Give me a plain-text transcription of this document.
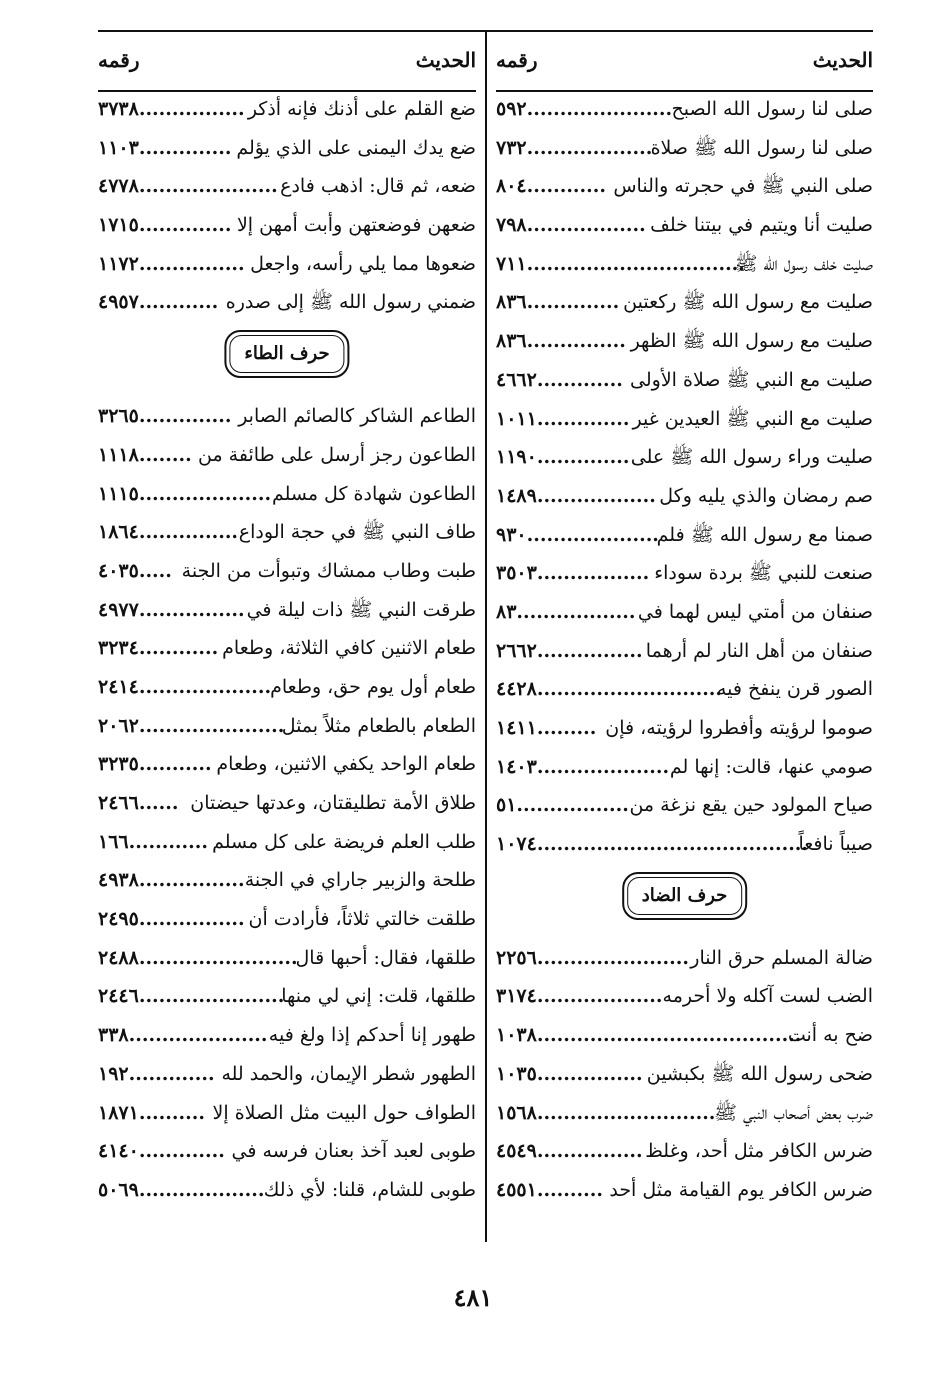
الحديث
رقمه
صلى لنا رسول الله الصبح
٥٩٢......................
صلى لنا رسول الله ﷺ صلاة
٧٣٢...................
صلى النبي ﷺ في حجرته والناس
٨٠٤............
صليت أنا ويتيم في بيتنا خلف
٧٩٨..................
صليت خلف رسول الله ﷺ
٧١١.................................
صليت مع رسول الله ﷺ ركعتين
٨٣٦..............
صليت مع رسول الله ﷺ الظهر
٨٣٦...............
صليت مع النبي ﷺ صلاة الأولى
٤٦٦٢.............
صليت مع النبي ﷺ العيدين غير
١٠١١..............
صليت وراء رسول الله ﷺ على
١١٩٠..............
صم رمضان والذي يليه وكل
١٤٨٩..................
صمنا مع رسول الله ﷺ فلم
٩٣٠....................
صنعت للنبي ﷺ بردة سوداء
٣٥٠٣.................
صنفان من أمتي ليس لهما في
٨٣..................
صنفان من أهل النار لم أرهما
٢٦٦٢................
الصور قرن ينفخ فيه
٤٤٢٨............................
صوموا لرؤيته وأفطروا لرؤيته، فإن
١٤١١.........
صومي عنها، قالت: إنها لم
١٤٠٣....................
صياح المولود حين يقع نزغة من
٥١.................
صيباً نافعاً
١٠٧٤.........................................
حرف الضاد
ضالة المسلم حرق النار
٢٢٥٦.......................
الضب لست آكله ولا أحرمه
٣١٧٤...................
ضح به أنت
١٠٣٨........................................
ضحى رسول الله ﷺ بكبشين
١٠٣٥................
ضرب بعض أصحاب النبي ﷺ
١٥٦٨...........................
ضرس الكافر مثل أحد، وغلظ
٤٥٤٩................
ضرس الكافر يوم القيامة مثل أحد
٤٥٥١..........
الحديث
رقمه
ضع القلم على أذنك فإنه أذكر
٣٧٣٨................
ضع يدك اليمنى على الذي يؤلم
١١٠٣..............
ضعه، ثم قال: اذهب فادع
٤٧٧٨.....................
ضعهن فوضعتهن وأبت أمهن إلا
١٧١٥..............
ضعوها مما يلي رأسه، واجعل
١١٧٢................
ضمني رسول الله ﷺ إلى صدره
٤٩٥٧............
حرف الطاء
الطاعم الشاكر كالصائم الصابر
٣٢٦٥..............
الطاعون رجز أرسل على طائفة من
١١١٨........
الطاعون شهادة كل مسلم
١١١٥....................
طاف النبي ﷺ في حجة الوداع
١٨٦٤...............
طبت وطاب ممشاك وتبوأت من الجنة
٤٠٣٥.....
طرقت النبي ﷺ ذات ليلة في
٤٩٧٧................
طعام الاثنين كافي الثلاثة، وطعام
٣٢٣٤............
طعام أول يوم حق، وطعام
٢٤١٤....................
الطعام بالطعام مثلاً بمثل
٢٠٦٢......................
طعام الواحد يكفي الاثنين، وطعام
٣٢٣٥...........
طلاق الأمة تطليقتان، وعدتها حيضتان
٢٤٦٦......
طلب العلم فريضة على كل مسلم
١٦٦............
طلحة والزبير جاراي في الجنة
٤٩٣٨................
طلقت خالتي ثلاثاً، فأرادت أن
٢٤٩٥................
طلقها، فقال: أحبها قال
٢٤٨٨........................
طلقها، قلت: إني لي منها
٢٤٤٦......................
طهور إنا أحدكم إذا ولغ فيه
٣٣٨.....................
الطهور شطر الإيمان، والحمد لله
١٩٢.............
الطواف حول البيت مثل الصلاة إلا
١٨٧١..........
طوبى لعبد آخذ بعنان فرسه في
٤١٤٠.............
طوبى للشام، قلنا: لأي ذلك
٥٠٦٩...................
٤٨١
